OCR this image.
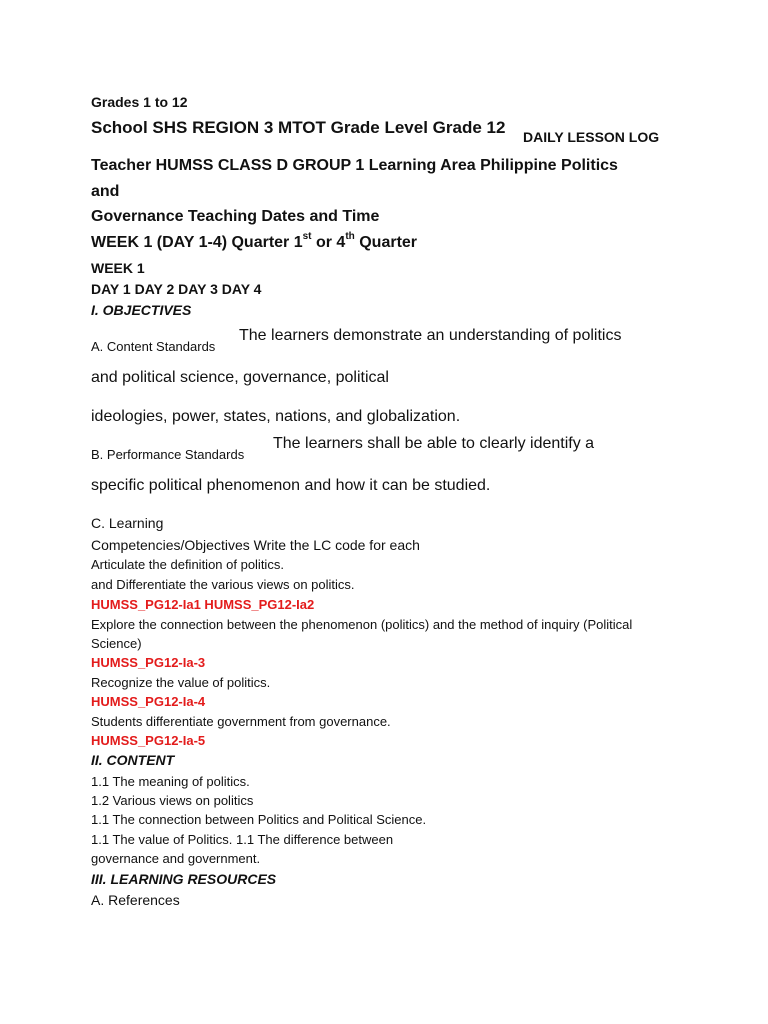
Grades 1 to 12
School SHS REGION 3 MTOT Grade Level Grade 12 DAILY LESSON LOG
Teacher HUMSS CLASS D GROUP 1 Learning Area Philippine Politics
and
Governance Teaching Dates and Time
WEEK 1 (DAY 1-4) Quarter 1st or 4th Quarter
WEEK 1
DAY 1 DAY 2 DAY 3 DAY 4
I. OBJECTIVES
A. Content Standards
The learners demonstrate an understanding of politics
and political science, governance, political
ideologies, power, states, nations, and globalization.
B. Performance Standards
The learners shall be able to clearly identify a
specific political phenomenon and how it can be studied.
C. Learning
Competencies/Objectives Write the LC code for each
Articulate the definition of politics.
and Differentiate the various views on politics.
HUMSS_PG12-Ia1 HUMSS_PG12-Ia2
Explore the connection between the phenomenon (politics) and the method of inquiry (Political
Science)
HUMSS_PG12-Ia-3
Recognize the value of politics.
HUMSS_PG12-Ia-4
Students differentiate government from governance.
HUMSS_PG12-Ia-5
II. CONTENT
1.1 The meaning of politics.
1.2 Various views on politics
1.1 The connection between Politics and Political Science.
1.1 The value of Politics. 1.1 The difference between
governance and government.
III. LEARNING RESOURCES
A. References
